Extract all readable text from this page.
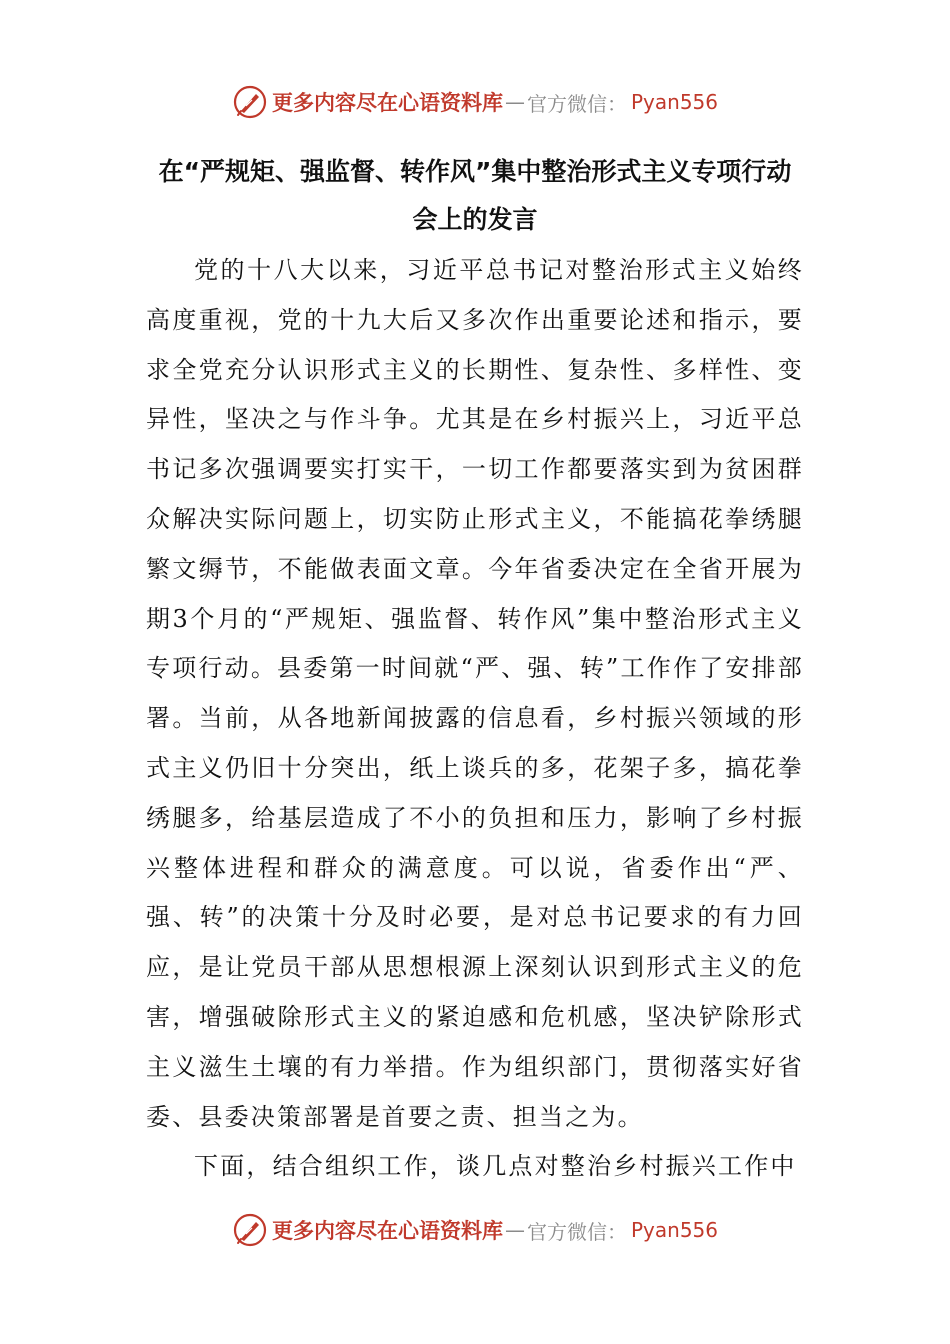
更多内容尽在心语资料库 — 官方微信： Pyan556
在“严规矩、强监督、转作风”集中整治形式主义专项行动会上的发言

党的十八大以来，习近平总书记对整治形式主义始终高度重视，党的十九大后又多次作出重要论述和指示，要求全党充分认识形式主义的长期性、复杂性、多样性、变异性，坚决之与作斗争。尤其是在乡村振兴上，习近平总书记多次强调要实打实干，一切工作都要落实到为贫困群众解决实际问题上，切实防止形式主义，不能搞花拳绣腿繁文缛节，不能做表面文章。今年省委决定在全省开展为期3个月的“严规矩、强监督、转作风”集中整治形式主义专项行动。县委第一时间就“严、强、转”工作作了安排部署。当前，从各地新闻披露的信息看，乡村振兴领域的形式主义仍旧十分突出，纸上谈兵的多，花架子多，搞花拳绣腿多，给基层造成了不小的负担和压力，影响了乡村振兴整体进程和群众的满意度。可以说，省委作出“严、强、转”的决策十分及时必要，是对总书记要求的有力回应，是让党员干部从思想根源上深刻认识到形式主义的危害，增强破除形式主义的紧迫感和危机感，坚决铲除形式主义滋生土壤的有力举措。作为组织部门，贯彻落实好省委、县委决策部署是首要之责、担当之为。

下面，结合组织工作，谈几点对整治乡村振兴工作中

更多内容尽在心语资料库 — 官方微信： Pyan556
